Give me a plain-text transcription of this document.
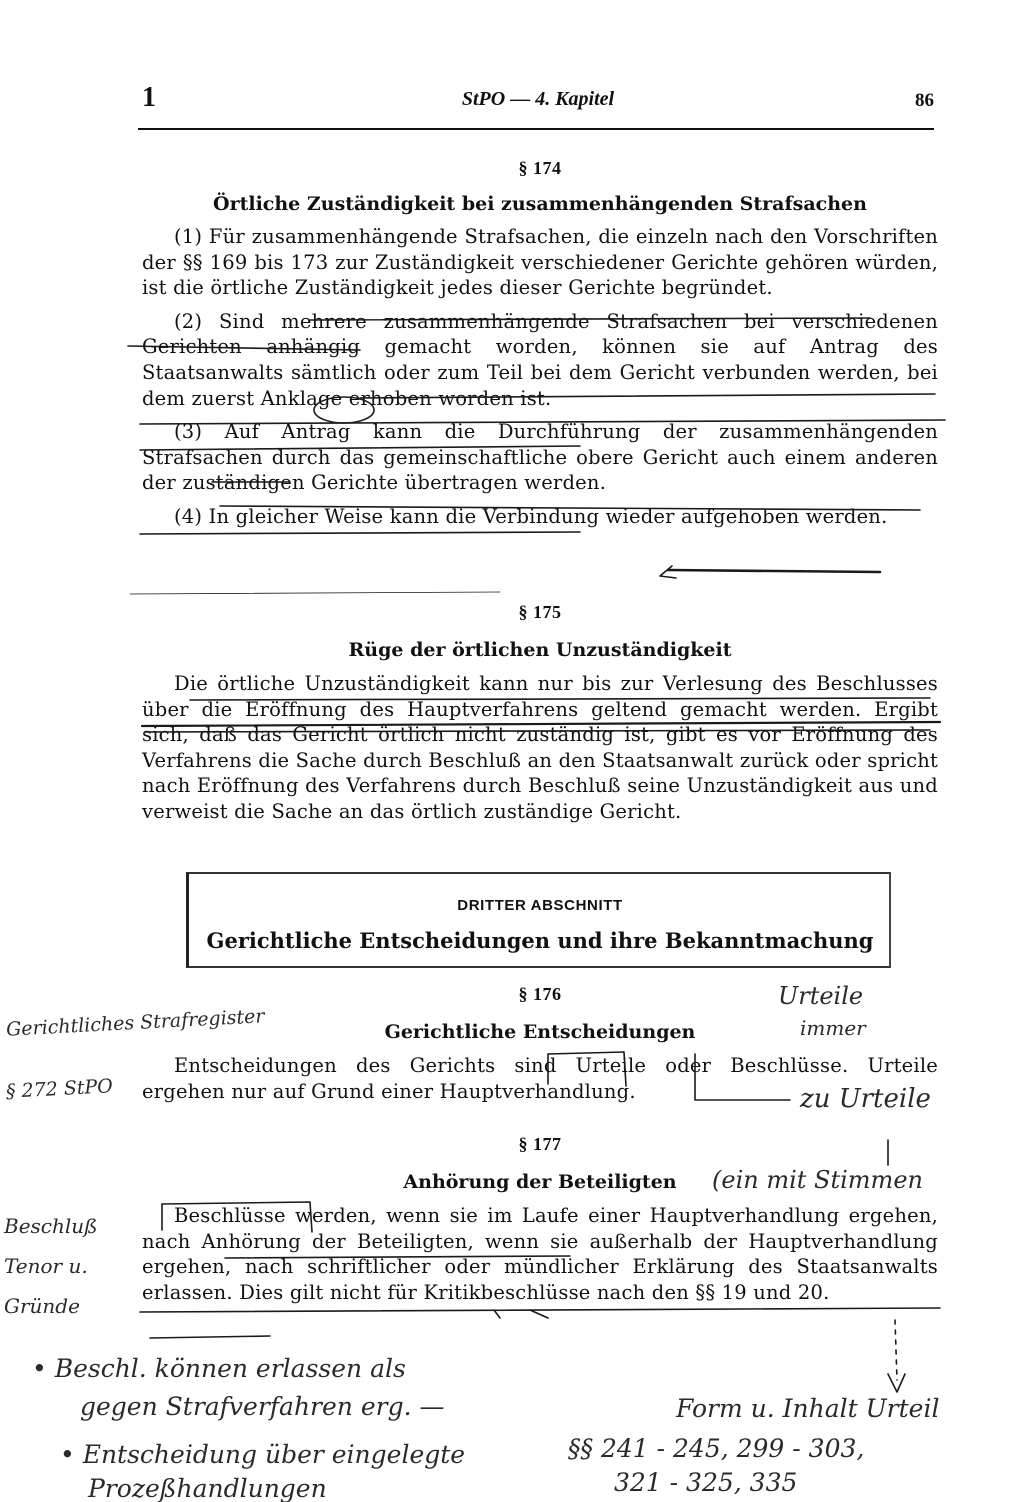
1	StPO — 4. Kapitel	86
§ 174
Örtliche Zuständigkeit bei zusammenhängenden Strafsachen

(1) Für zusammenhängende Strafsachen, die einzeln nach den Vorschriften der §§ 169 bis 173 zur Zuständigkeit verschiedener Gerichte gehören würden, ist die örtliche Zuständigkeit jedes dieser Gerichte begründet.

(2) Sind mehrere zusammenhängende Strafsachen bei verschiedenen Gerichten anhängig gemacht worden, können sie auf Antrag des Staatsanwalts sämtlich oder zum Teil bei dem Gericht verbunden werden, bei dem zuerst Anklage erhoben worden ist.

(3) Auf Antrag kann die Durchführung der zusammenhängenden Strafsachen durch das gemeinschaftliche obere Gericht auch einem anderen der zuständigen Gerichte übertragen werden.

(4) In gleicher Weise kann die Verbindung wieder aufgehoben werden.

§ 175
Rüge der örtlichen Unzuständigkeit

Die örtliche Unzuständigkeit kann nur bis zur Verlesung des Beschlusses über die Eröffnung des Hauptverfahrens geltend gemacht werden. Ergibt sich, daß das Gericht örtlich nicht zuständig ist, gibt es vor Eröffnung des Verfahrens die Sache durch Beschluß an den Staatsanwalt zurück oder spricht nach Eröffnung des Verfahrens durch Beschluß seine Unzuständigkeit aus und verweist die Sache an das örtlich zuständige Gericht.

DRITTER ABSCHNITT
Gerichtliche Entscheidungen und ihre Bekanntmachung
§ 176
Gerichtliche Entscheidungen

Entscheidungen des Gerichts sind Urteile oder Beschlüsse. Urteile ergehen nur auf Grund einer Hauptverhandlung.

§ 177
Anhörung der Beteiligten

Beschlüsse werden, wenn sie im Laufe einer Hauptverhandlung ergehen, nach Anhörung der Beteiligten, wenn sie außerhalb der Hauptverhandlung ergehen, nach schriftlicher oder mündlicher Erklärung des Staatsanwalts erlassen. Dies gilt nicht für Kritikbeschlüsse nach den §§ 19 und 20.

Gerichtliches Strafregister
§ 272 StPO
Beschluß Tenor u. Gründe
Urteile
immer
zu Urteile
(ein mit Stimmen
• Beschl. können erlassen als
gegen Strafverfahren erg. —
• Entscheidung über eingelegte
Prozeßhandlungen
Form u. Inhalt Urteil
§§ 241 - 245, 299 - 303,
321 - 325, 335
